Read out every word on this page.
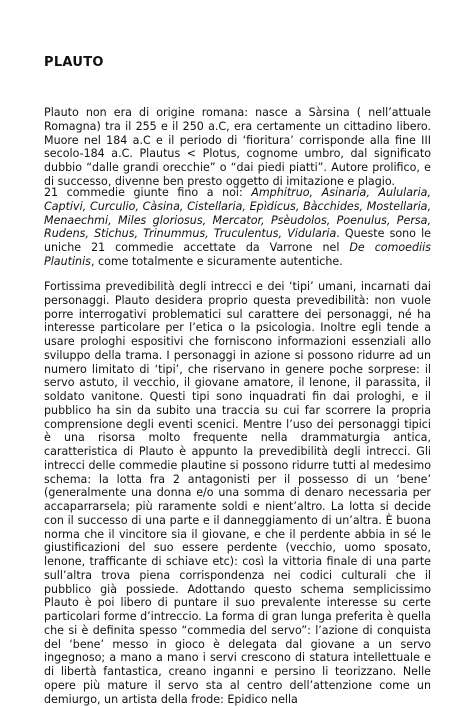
PLAUTO

Plauto non era di origine romana: nasce a Sàrsina ( nell’attuale Romagna) tra il 255 e il 250 a.C, era certamente un cittadino libero. Muore nel 184 a.C e il periodo di ‘fioritura’ corrisponde alla fine III secolo-184 a.C. Plautus < Plotus, cognome umbro, dal significato dubbio “dalle grandi orecchie” o “dai piedi piatti”. Autore prolifico, e di successo, divenne ben presto oggetto di imitazione e plagio.

21 commedie giunte fino a noi: Amphitruo, Asinaria, Aulularia, Captivi, Curculio, Càsina, Cistellaria, Epìdicus, Bàcchides, Mostellaria, Menaechmi, Miles gloriosus, Mercator, Psèudolos, Poenulus, Persa, Rudens, Stichus, Trinummus, Truculentus, Vidularia. Queste sono le uniche 21 commedie accettate da Varrone nel De comoediis Plautinis, come totalmente e sicuramente autentiche.

Fortissima prevedibilità degli intrecci e dei ‘tipi’ umani, incarnati dai personaggi. Plauto desidera proprio questa prevedibilità: non vuole porre interrogativi problematici sul carattere dei personaggi, né ha interesse particolare per l’etica o la psicologia. Inoltre egli tende a usare prologhi espositivi che forniscono informazioni essenziali allo sviluppo della trama. I personaggi in azione si possono ridurre ad un numero limitato di ‘tipi’, che riservano in genere poche sorprese: il servo astuto, il vecchio, il giovane amatore, il lenone, il parassita, il soldato vanitone. Questi tipi sono inquadrati fin dai prologhi, e il pubblico ha sin da subito una traccia su cui far scorrere la propria comprensione degli eventi scenici. Mentre l’uso dei personaggi tipici è una risorsa molto frequente nella drammaturgia antica, caratteristica di Plauto è appunto la prevedibilità degli intrecci. Gli intrecci delle commedie plautine si possono ridurre tutti al medesimo schema: la lotta fra 2 antagonisti per il possesso di un ‘bene’ (generalmente una donna e/o una somma di denaro necessaria per accaparrarsela; più raramente soldi e nient’altro. La lotta si decide con il successo di una parte e il danneggiamento di un’altra. È buona norma che il vincitore sia il giovane, e che il perdente abbia in sé le giustificazioni del suo essere perdente (vecchio, uomo sposato, lenone, trafficante di schiave etc): così la vittoria finale di una parte sull’altra trova piena corrispondenza nei codici culturali che il pubblico già possiede. Adottando questo schema semplicissimo Plauto è poi libero di puntare il suo prevalente interesse su certe particolari forme d’intreccio. La forma di gran lunga preferita è quella che si è definita spesso “commedia del servo”: l’azione di conquista del ‘bene’ messo in gioco è delegata dal giovane a un servo ingegnoso; a mano a mano i servi crescono di statura intellettuale e di libertà fantastica, creano inganni e persino li teorizzano. Nelle opere più mature il servo sta al centro dell’attenzione come un demiurgo, un artista della frode: Epidico nella
